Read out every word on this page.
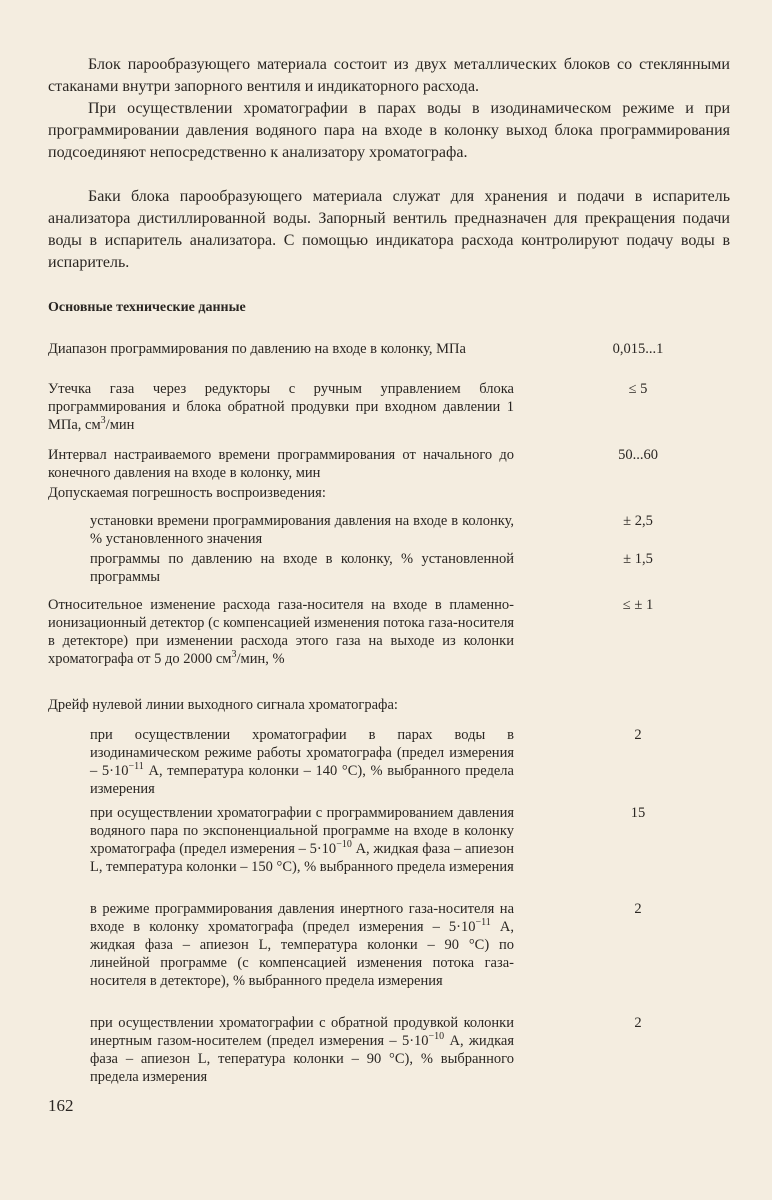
Блок парообразующего материала состоит из двух металлических блоков со стеклянными стаканами внутри запорного вентиля и индикаторного расхода.

При осуществлении хроматографии в парах воды в изодинамическом режиме и при программировании давления водяного пара на входе в колонку выход блока программирования подсоединяют непосредственно к анализатору хроматографа.

Баки блока парообразующего материала служат для хранения и подачи в испаритель анализатора дистиллированной воды. Запорный вентиль предназначен для прекращения подачи воды в испаритель анализатора. С помощью индикатора расхода контролируют подачу воды в испаритель.

Основные технические данные

Диапазон программирования по давлению на входе в колонку, МПа	0,015...1
Утечка газа через редукторы с ручным управлением блока программирования и блока обратной продувки при входном давлении 1 МПа, $см^3$/мин
≤ 5
Интервал настраиваемого времени программирования от начального до конечного давления на входе в колонку, мин
50...60

Допускаемая погрешность воспроизведения:

установки времени программирования давления на входе в колонку, % установленного значения
± 2,5
программы по давлению на входе в колонку, % установленной программы
± 1,5
Относительное изменение расхода газа-носителя на входе в пламенно-ионизационный детектор (с компенсацией изменения потока газа-носителя в детекторе) при изменении расхода этого газа на выходе из колонки хроматографа от 5 до 2000 $см^3$/мин, %
≤ ± 1

Дрейф нулевой линии выходного сигнала хроматографа:

при осуществлении хроматографии в парах воды в изодинамическом режиме работы хроматографа (предел измерения – $5\cdot 10^{-11}$ А, температура колонки – 140 °C), % выбранного предела измерения
2
при осуществлении хроматографии с программированием давления водяного пара по экспоненциальной программе на входе в колонку хроматографа (предел измерения – $5\cdot 10^{-10}$ А, жидкая фаза – апиезон L, температура колонки – 150 °C), % выбранного предела измерения
15
в режиме программирования давления инертного газа-носителя на входе в колонку хроматографа (предел измерения – $5\cdot 10^{-11}$ А, жидкая фаза – апиезон L, температура колонки – 90 °C) по линейной программе (с компенсацией изменения потока газа-носителя в детекторе), % выбранного предела измерения
2
при осуществлении хроматографии с обратной продувкой колонки инертным газом-носителем (предел измерения – $5\cdot 10^{-10}$ А, жидкая фаза – апиезон L, тепература колонки – 90 °C), % выбранного предела измерения
2
162
